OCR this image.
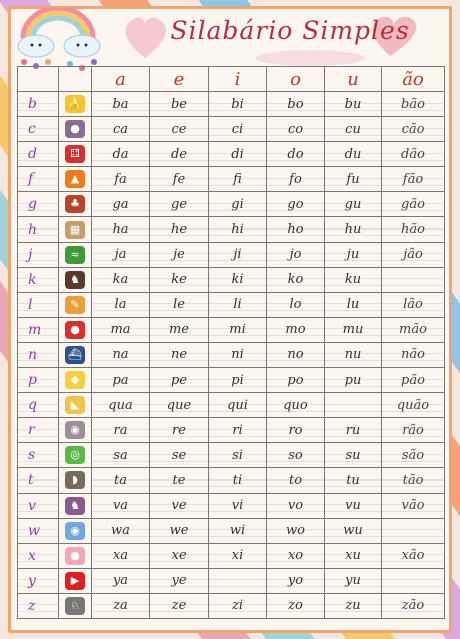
Silabário Simples
		a	e	i	o	u	ão
b	🍌	ba	be	bi	bo	bu	bão
c	●	ca	ce	ci	co	cu	cão
d	⚃	da	de	di	do	du	dão
f	▲	fa	fe	fi	fo	fu	fão
g	♣	ga	ge	gi	go	gu	gão
h	▦	ha	he	hi	ho	hu	hão
j	≈	ja	je	ji	jo	ju	jão
k	♞	ka	ke	ki	ko	ku	
l	✎	la	le	li	lo	lu	lão
m	●	ma	me	mi	mo	mu	mão
n	⛴	na	ne	ni	no	nu	não
p	◆	pa	pe	pi	po	pu	pão
q	◣	qua	que	qui	quo		quão
r	◉	ra	re	ri	ro	ru	rão
s	◎	sa	se	si	so	su	são
t	◗	ta	te	ti	to	tu	tão
v	♞	va	ve	vi	vo	vu	vão
w	◉	wa	we	wi	wo	wu	
x	●	xa	xe	xi	xo	xu	xão
y	▶	ya	ye		yo	yu	
z	♘	za	ze	zi	zo	zu	zão
